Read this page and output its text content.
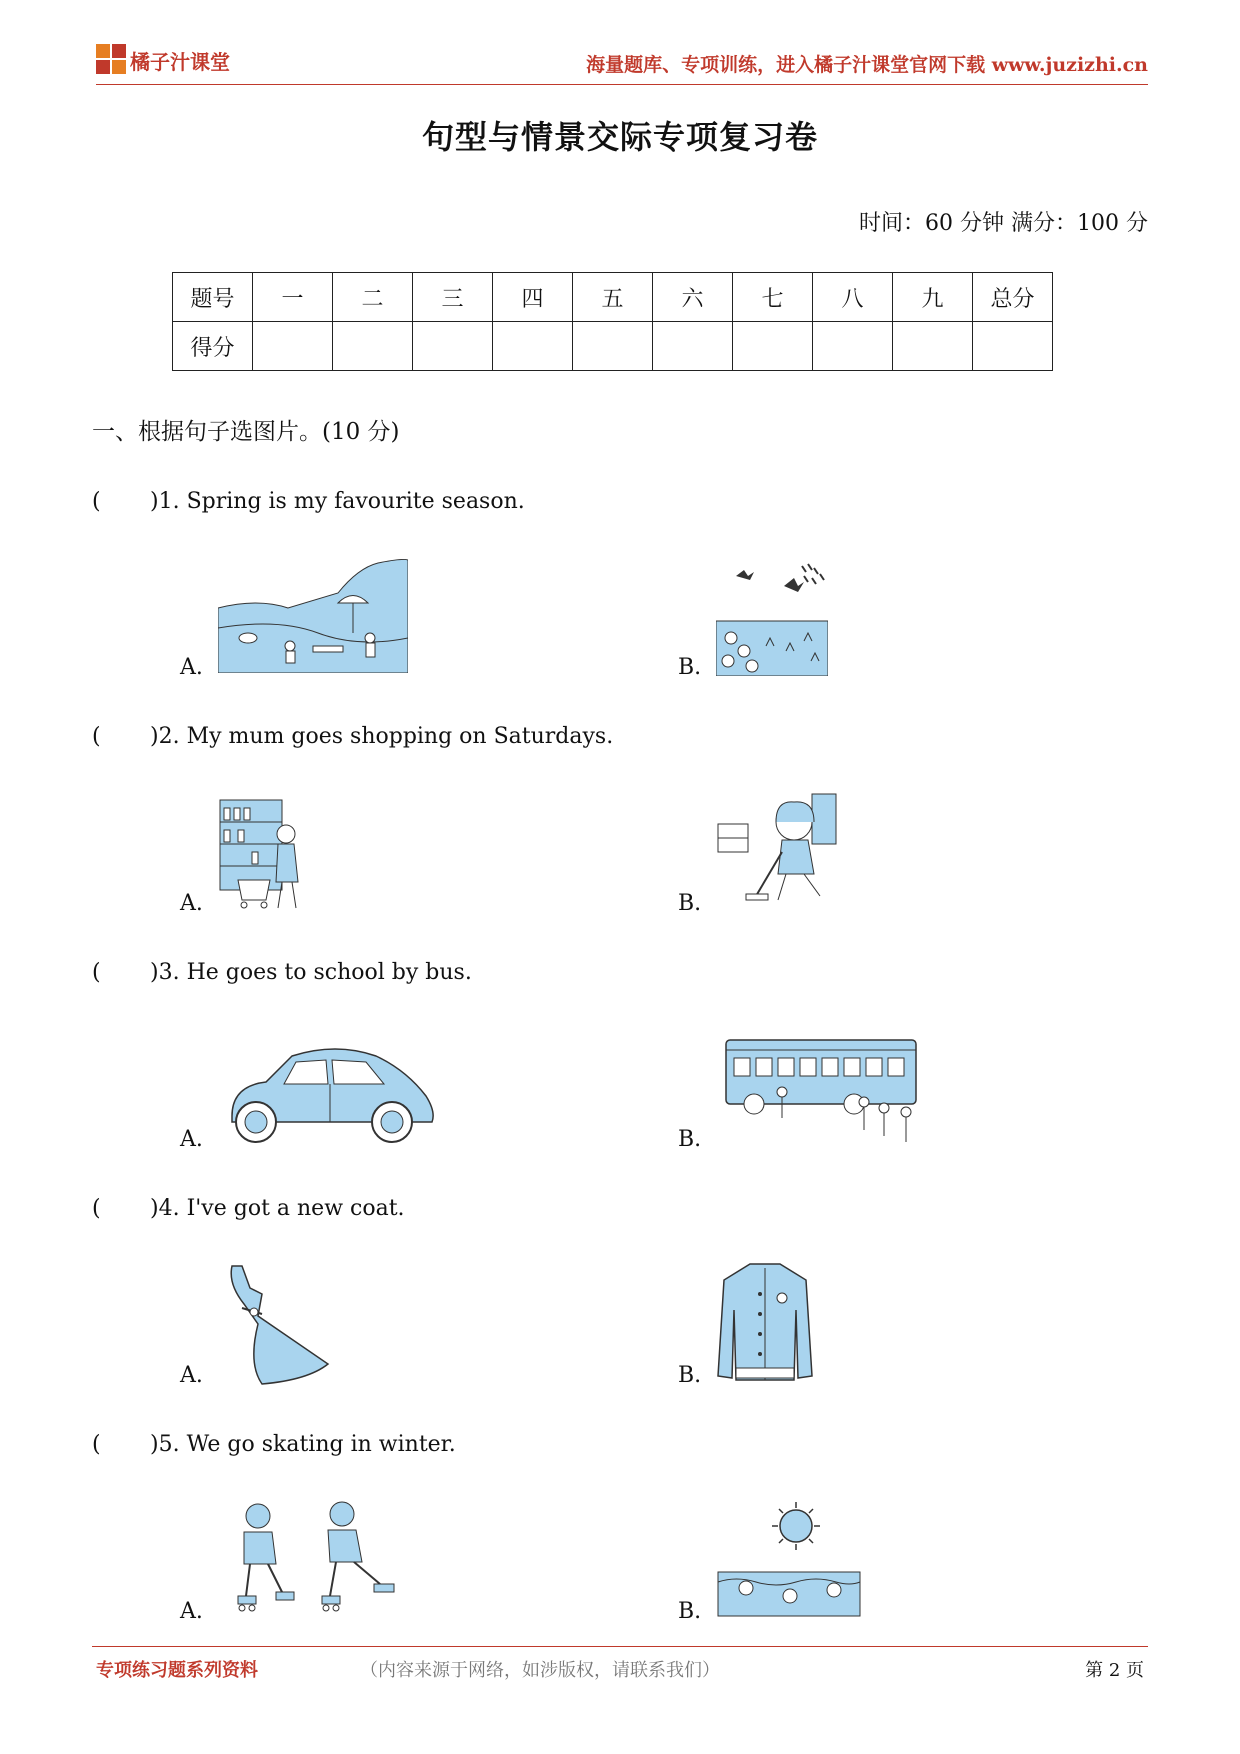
橘子汁课堂	海量题库、专项训练，进入橘子汁课堂官网下载 www.juzizhi.cn
句型与情景交际专项复习卷
时间：60 分钟 满分：100 分
题号	一	二	三	四	五	六	七	八	九	总分
得分										
一、根据句子选图片。(10 分)
( )1. Spring is my favourite season.
A.	B.
( )2. My mum goes shopping on Saturdays.
A.	B.
( )3. He goes to school by bus.
A.	B.
( )4. I've got a new coat.
A.	B.
( )5. We go skating in winter.
A.	B.
专项练习题系列资料	（内容来源于网络，如涉版权，请联系我们）	第 2 页
